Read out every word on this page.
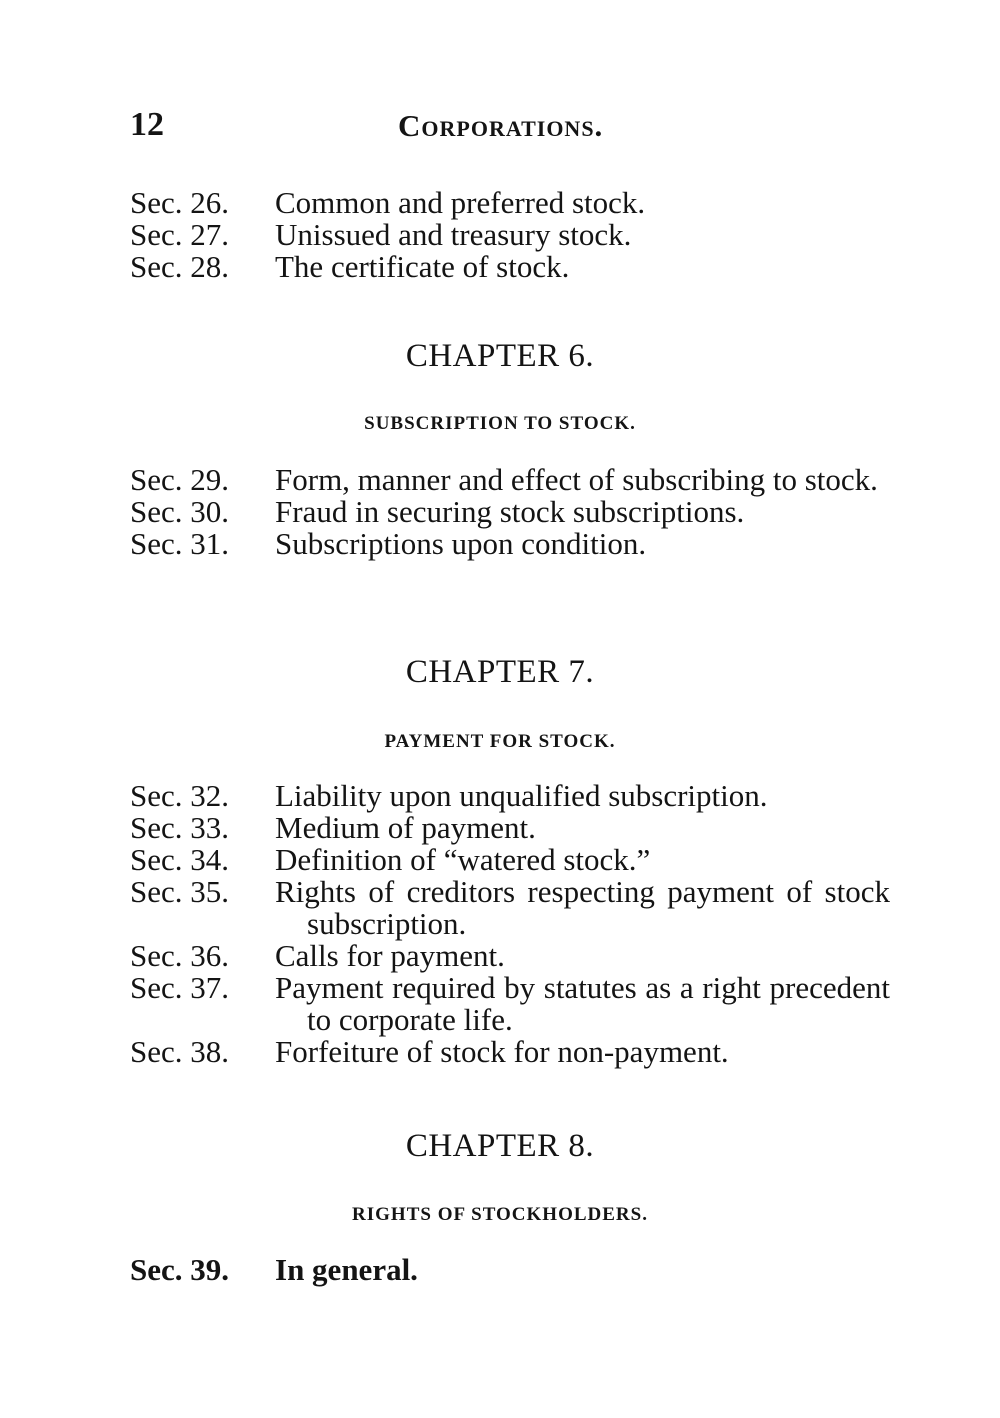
12	Corporations.
Sec. 26.	Common and preferred stock.
Sec. 27.	Unissued and treasury stock.
Sec. 28.	The certificate of stock.
CHAPTER 6.
SUBSCRIPTION TO STOCK.
Sec. 29.	Form, manner and effect of subscribing to stock.
Sec. 30.	Fraud in securing stock subscriptions.
Sec. 31.	Subscriptions upon condition.
CHAPTER 7.
PAYMENT FOR STOCK.
Sec. 32.	Liability upon unqualified subscription.
Sec. 33.	Medium of payment.
Sec. 34.	Definition of “watered stock.”
Sec. 35.	Rights of creditors respecting payment of stock subscription.
Sec. 36.	Calls for payment.
Sec. 37.	Payment required by statutes as a right precedent to corporate life.
Sec. 38.	Forfeiture of stock for non-payment.
CHAPTER 8.
RIGHTS OF STOCKHOLDERS.
Sec. 39.	In general.
